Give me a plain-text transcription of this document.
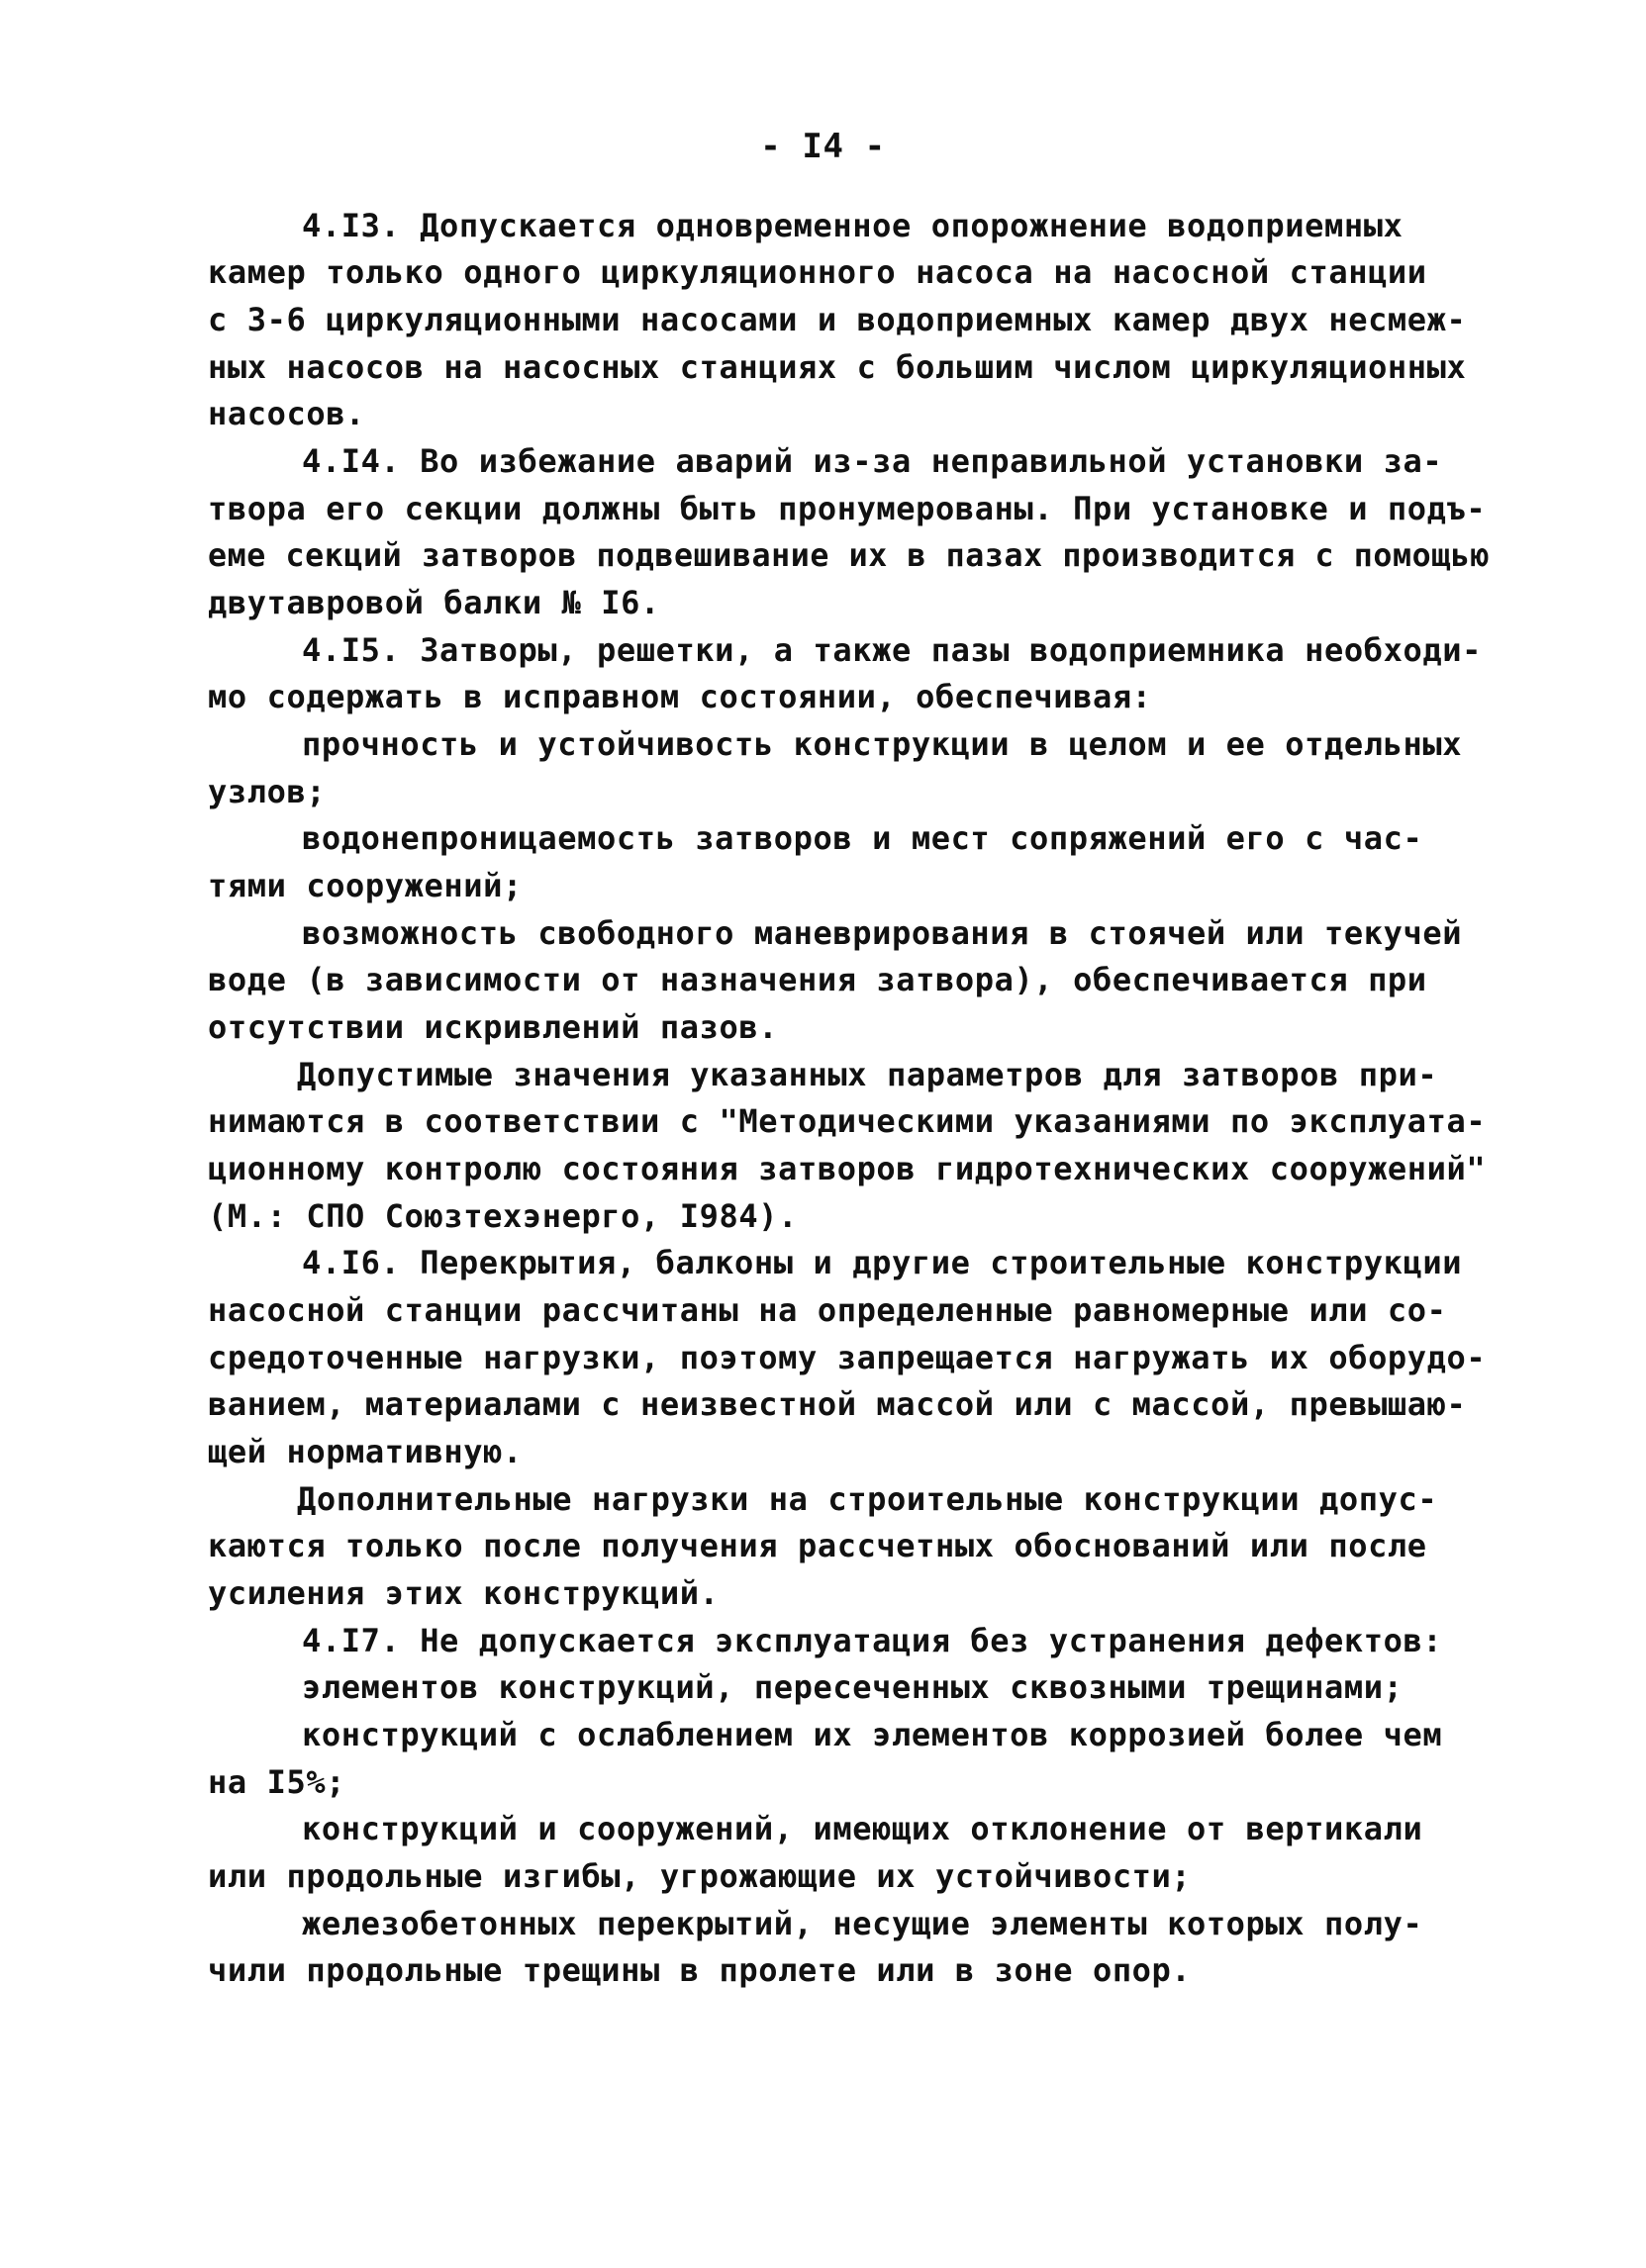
- I4 -
4.I3. Допускается одновременное опорожнение водоприемных
камер только одного циркуляционного насоса на насосной станции
с 3-6 циркуляционными насосами и водоприемных камер двух несмеж-
ных насосов на насосных станциях с большим числом циркуляционных
насосов.
4.I4. Во избежание аварий из-за неправильной установки за-
твора его секции должны быть пронумерованы. При установке и подъ-
еме секций затворов подвешивание их в пазах производится с помощью
двутавровой балки № I6.
4.I5. Затворы, решетки, а также пазы водоприемника необходи-
мо содержать в исправном состоянии, обеспечивая:
прочность и устойчивость конструкции в целом и ее отдельных
узлов;
водонепроницаемость затворов и мест сопряжений его с час-
тями сооружений;
возможность свободного маневрирования в стоячей или текучей
воде (в зависимости от назначения затвора), обеспечивается при
отсутствии искривлений пазов.
Допустимые значения указанных параметров для затворов при-
нимаются в соответствии с "Методическими указаниями по эксплуата-
ционному контролю состояния затворов гидротехнических сооружений"
(М.: СПО Союзтехэнерго, I984).
4.I6. Перекрытия, балконы и другие строительные конструкции
насосной станции рассчитаны на определенные равномерные или со-
средоточенные нагрузки, поэтому запрещается нагружать их оборудо-
ванием, материалами с неизвестной массой или с массой, превышаю-
щей нормативную.
Дополнительные нагрузки на строительные конструкции допус-
каются только после получения рассчетных обоснований или после
усиления этих конструкций.
4.I7. Не допускается эксплуатация без устранения дефектов:
элементов конструкций, пересеченных сквозными трещинами;
конструкций с ослаблением их элементов коррозией более чем
на I5%;
конструкций и сооружений, имеющих отклонение от вертикали
или продольные изгибы, угрожающие их устойчивости;
железобетонных перекрытий, несущие элементы которых полу-
чили продольные трещины в пролете или в зоне опор.
